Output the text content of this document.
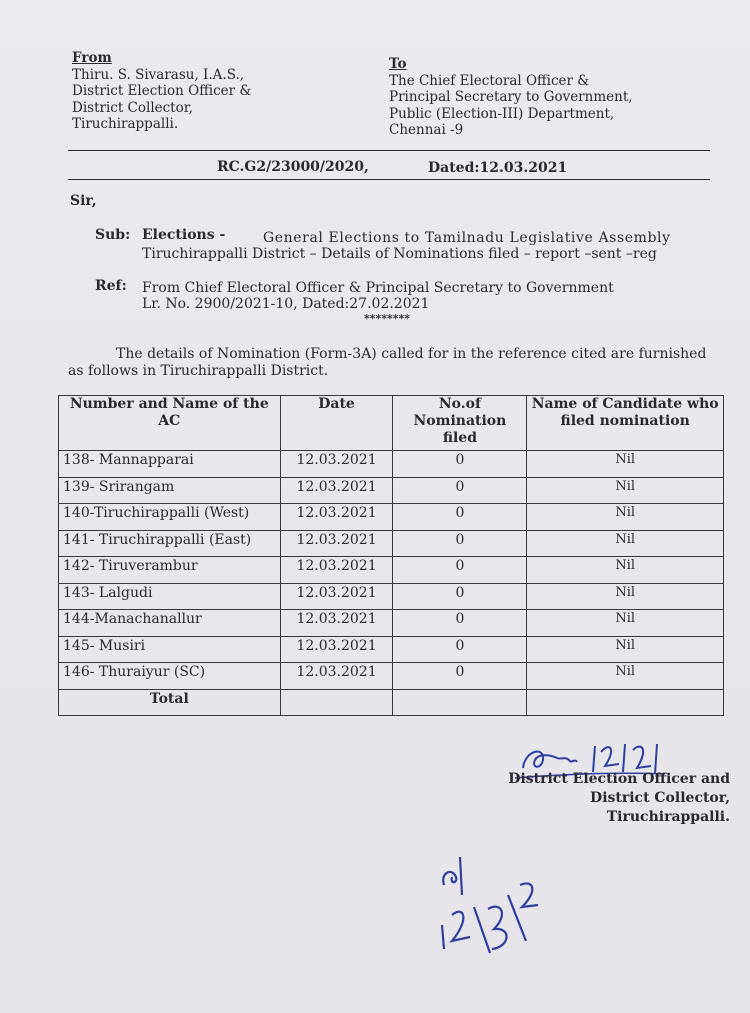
From
Thiru. S. Sivarasu, I.A.S.,
District Election Officer &
District Collector,
Tiruchirappalli.
To
The Chief Electoral Officer &
Principal Secretary to Government,
Public (Election-III) Department,
Chennai -9
RC.G2/23000/2020,	Dated:12.03.2021
Sir,
Sub: Elections -	General Elections to Tamilnadu Legislative Assembly
Tiruchirappalli District – Details of Nominations filed – report –sent –reg
Ref: From Chief Electoral Officer & Principal Secretary to Government
Lr. No. 2900/2021-10, Dated:27.02.2021
********
The details of Nomination (Form-3A) called for in the reference cited are furnished
as follows in Tiruchirappalli District.
Number and Name of the AC	Date	No.of Nomination filed	Name of Candidate who filed nomination
138- Mannapparai	12.03.2021	0	Nil
139- Srirangam	12.03.2021	0	Nil
140-Tiruchirappalli (West)	12.03.2021	0	Nil
141- Tiruchirappalli (East)	12.03.2021	0	Nil
142- Tiruverambur	12.03.2021	0	Nil
143- Lalgudi	12.03.2021	0	Nil
144-Manachanallur	12.03.2021	0	Nil
145- Musiri	12.03.2021	0	Nil
146- Thuraiyur (SC)	12.03.2021	0	Nil
Total			
District Election Officer and
District Collector,
Tiruchirappalli.
